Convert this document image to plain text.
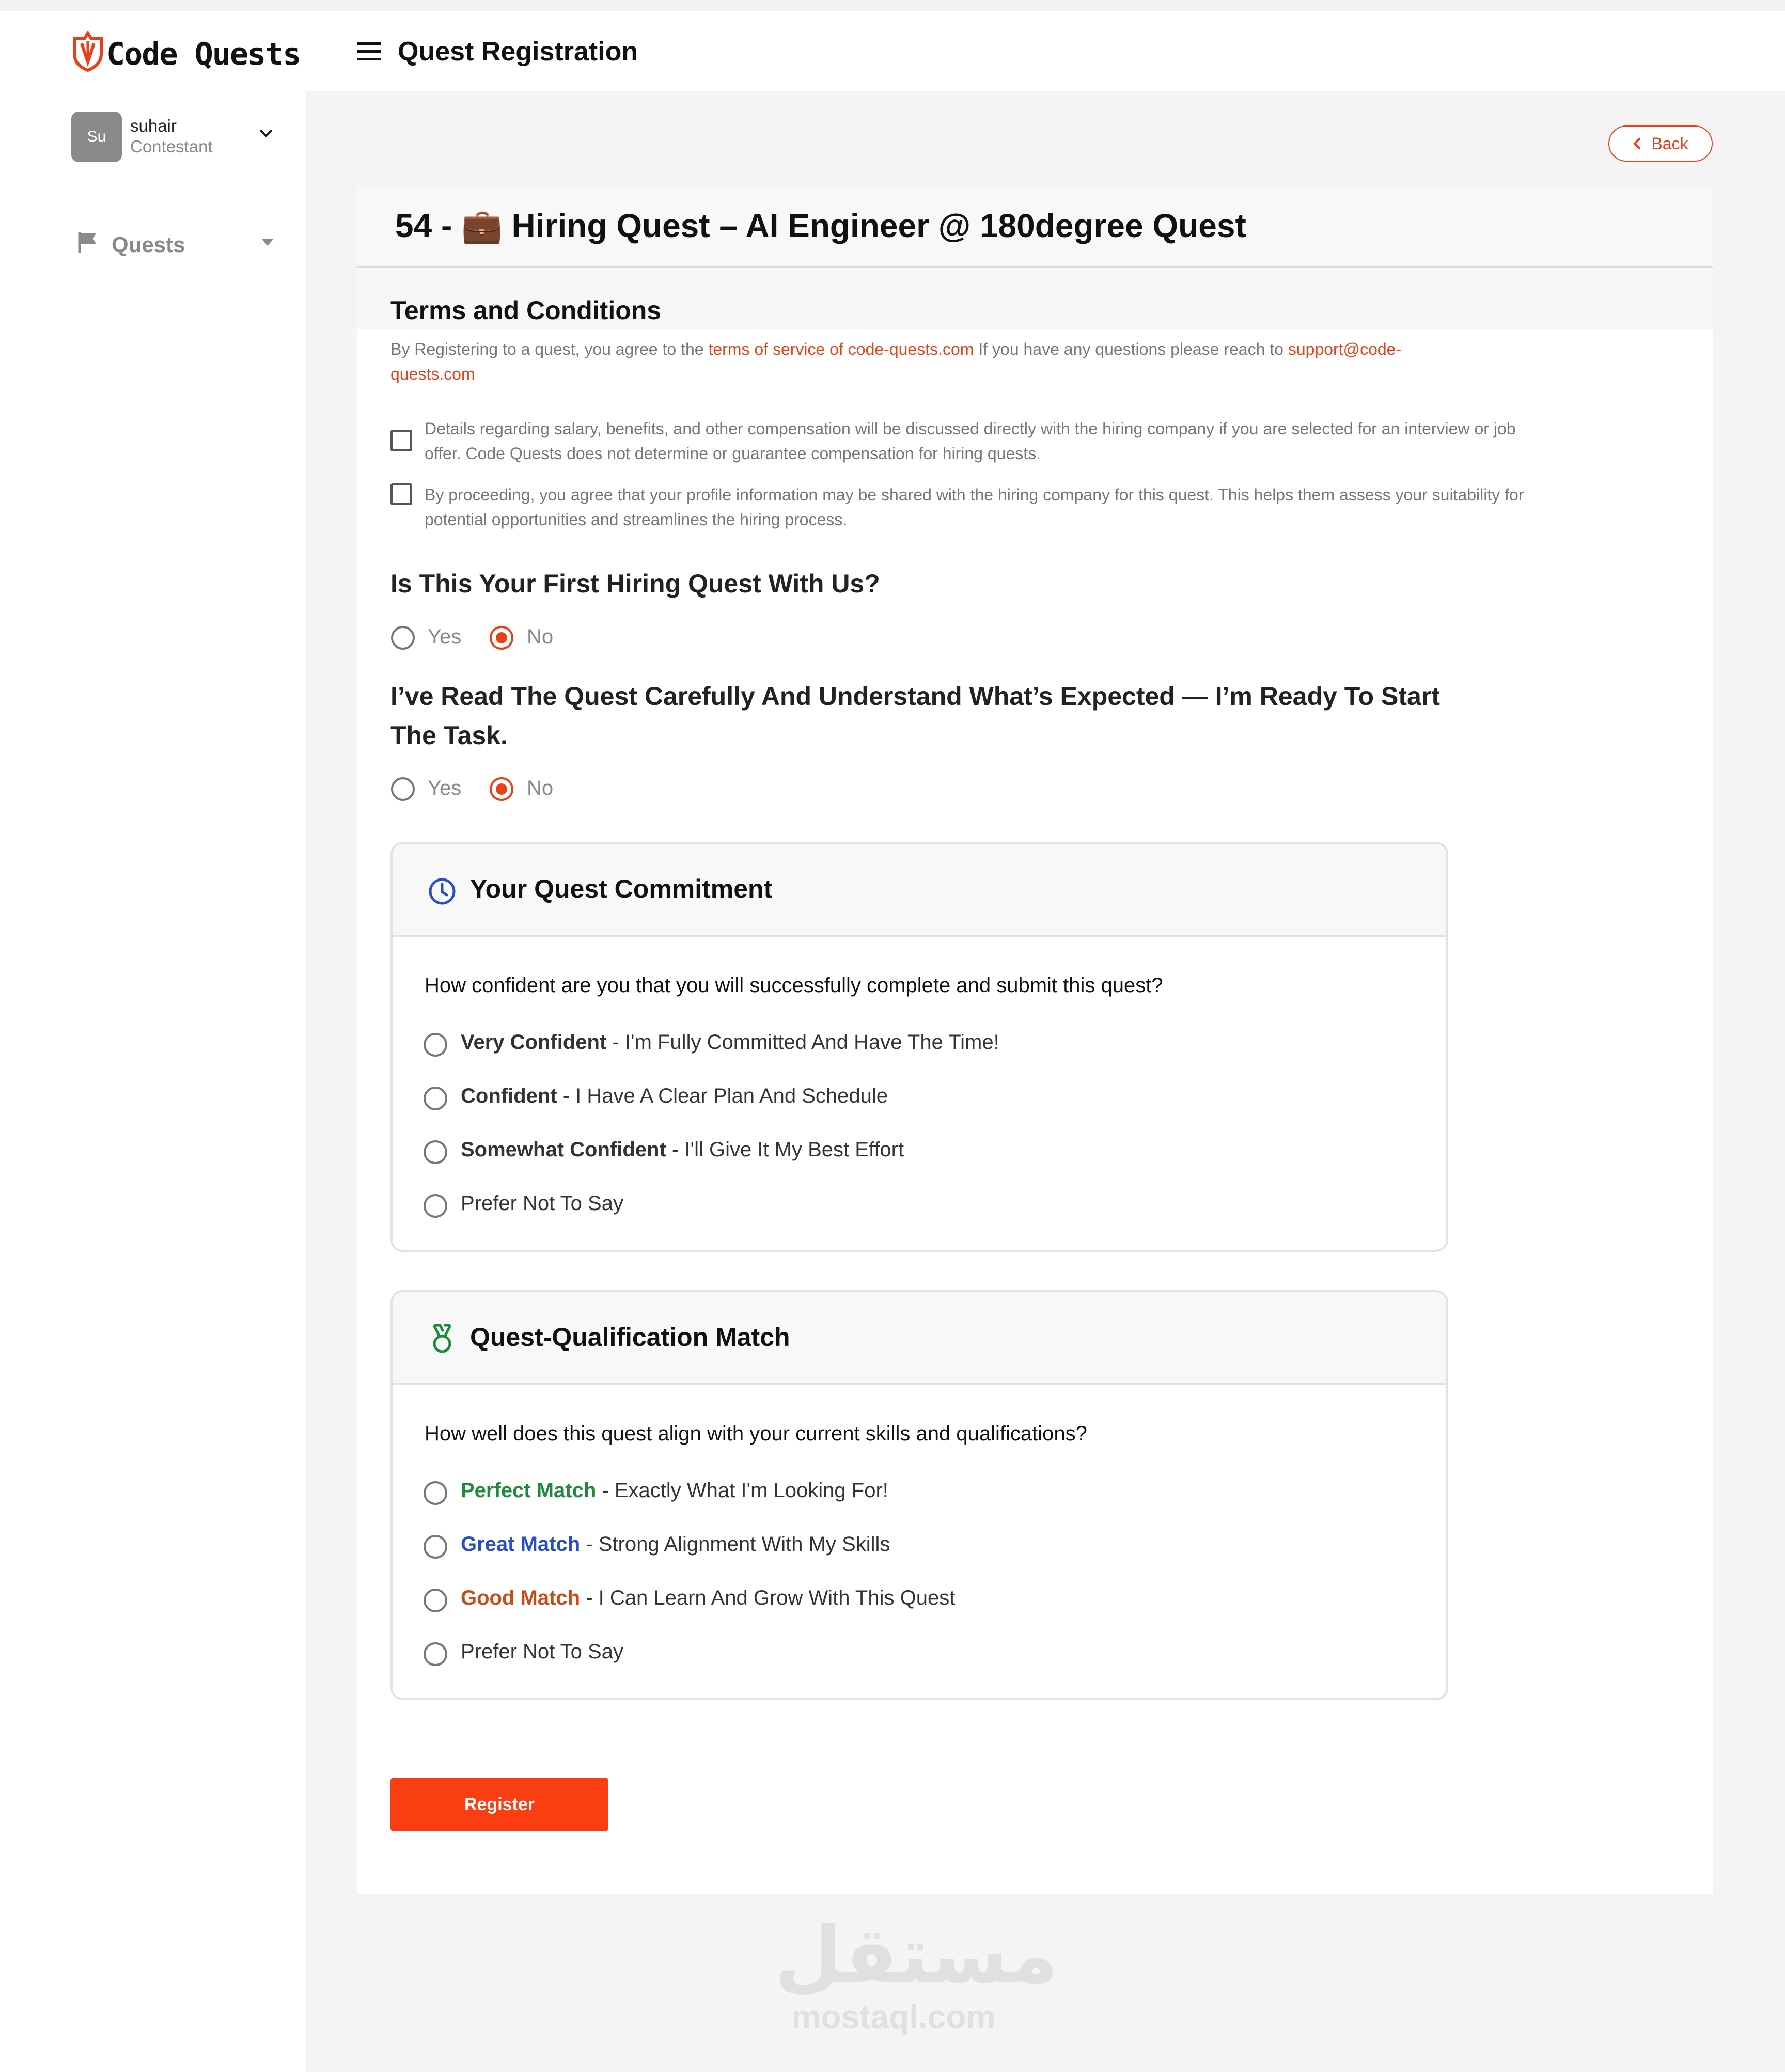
Code Quests
Su
suhair
Contestant
Quests
Quest Registration
Back
54 - 💼 Hiring Quest – AI Engineer @ 180degree Quest
Terms and Conditions
By Registering to a quest, you agree to the terms of service of code-quests.com If you have any questions please reach to support@code-quests.com
Details regarding salary, benefits, and other compensation will be discussed directly with the hiring company if you are selected for an interview or job offer. Code Quests does not determine or guarantee compensation for hiring quests.
By proceeding, you agree that your profile information may be shared with the hiring company for this quest. This helps them assess your suitability for potential opportunities and streamlines the hiring process.
Is This Your First Hiring Quest With Us?
Yes	No
I’ve Read The Quest Carefully And Understand What’s Expected — I’m Ready To Start The Task.
Yes	No
Your Quest Commitment
How confident are you that you will successfully complete and submit this quest?
Very Confident - I'm Fully Committed And Have The Time!
Confident - I Have A Clear Plan And Schedule
Somewhat Confident - I'll Give It My Best Effort
Prefer Not To Say
Quest-Qualification Match
How well does this quest align with your current skills and qualifications?
Perfect Match - Exactly What I'm Looking For!
Great Match - Strong Alignment With My Skills
Good Match - I Can Learn And Grow With This Quest
Prefer Not To Say
Register
مستقل
mostaql.com
